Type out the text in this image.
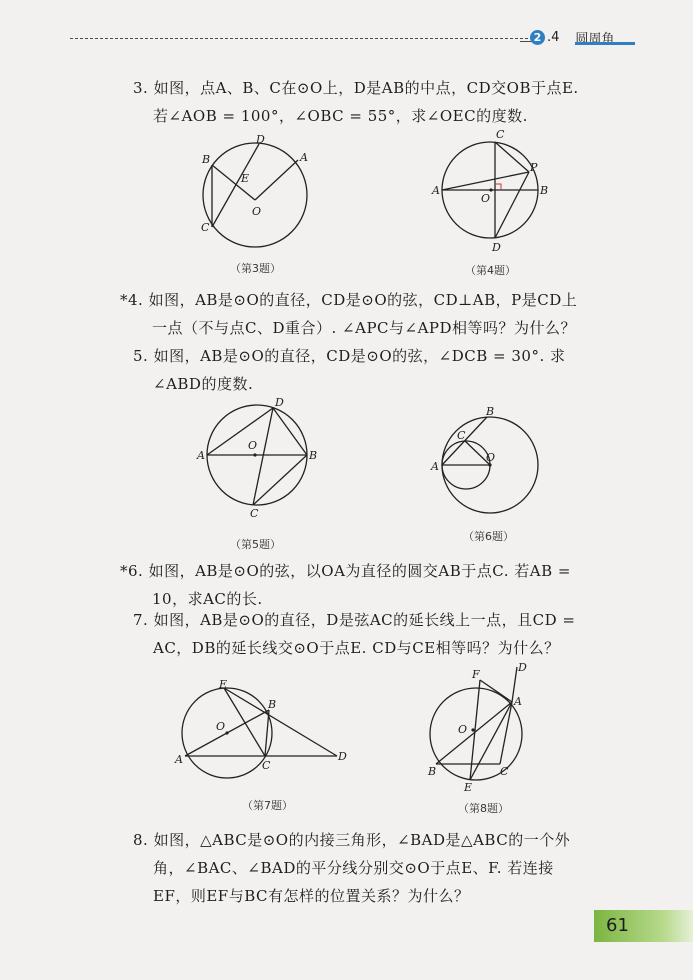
2 .4 圆周角
3. 如图，点A、B、C在⊙O上，D是AB的中点，CD交OB于点E.
若∠AOB = 100°，∠OBC = 55°，求∠OEC的度数.
B
D
A
E
O
C
（第3题）
A	B
C
D
P
O
（第4题）
*4. 如图，AB是⊙O的直径，CD是⊙O的弦，CD⊥AB，P是CD上
一点（不与点C、D重合）. ∠APC与∠APD相等吗？为什么？
5. 如图，AB是⊙O的直径，CD是⊙O的弦，∠DCB = 30°. 求
∠ABD的度数.
A	B
C
D
O
（第5题）
A
B
C
O
（第6题）
*6. 如图，AB是⊙O的弦，以OA为直径的圆交AB于点C. 若AB =
10，求AC的长.
7. 如图，AB是⊙O的直径，D是弦AC的延长线上一点，且CD =
AC，DB的延长线交⊙O于点E. CD与CE相等吗？为什么？
A
B
C
D
E
O
（第7题）
D
F
A
O
B	C
E
（第8题）
8. 如图，△ABC是⊙O的内接三角形，∠BAD是△ABC的一个外
角，∠BAC、∠BAD的平分线分别交⊙O于点E、F. 若连接
EF，则EF与BC有怎样的位置关系？为什么？
61
